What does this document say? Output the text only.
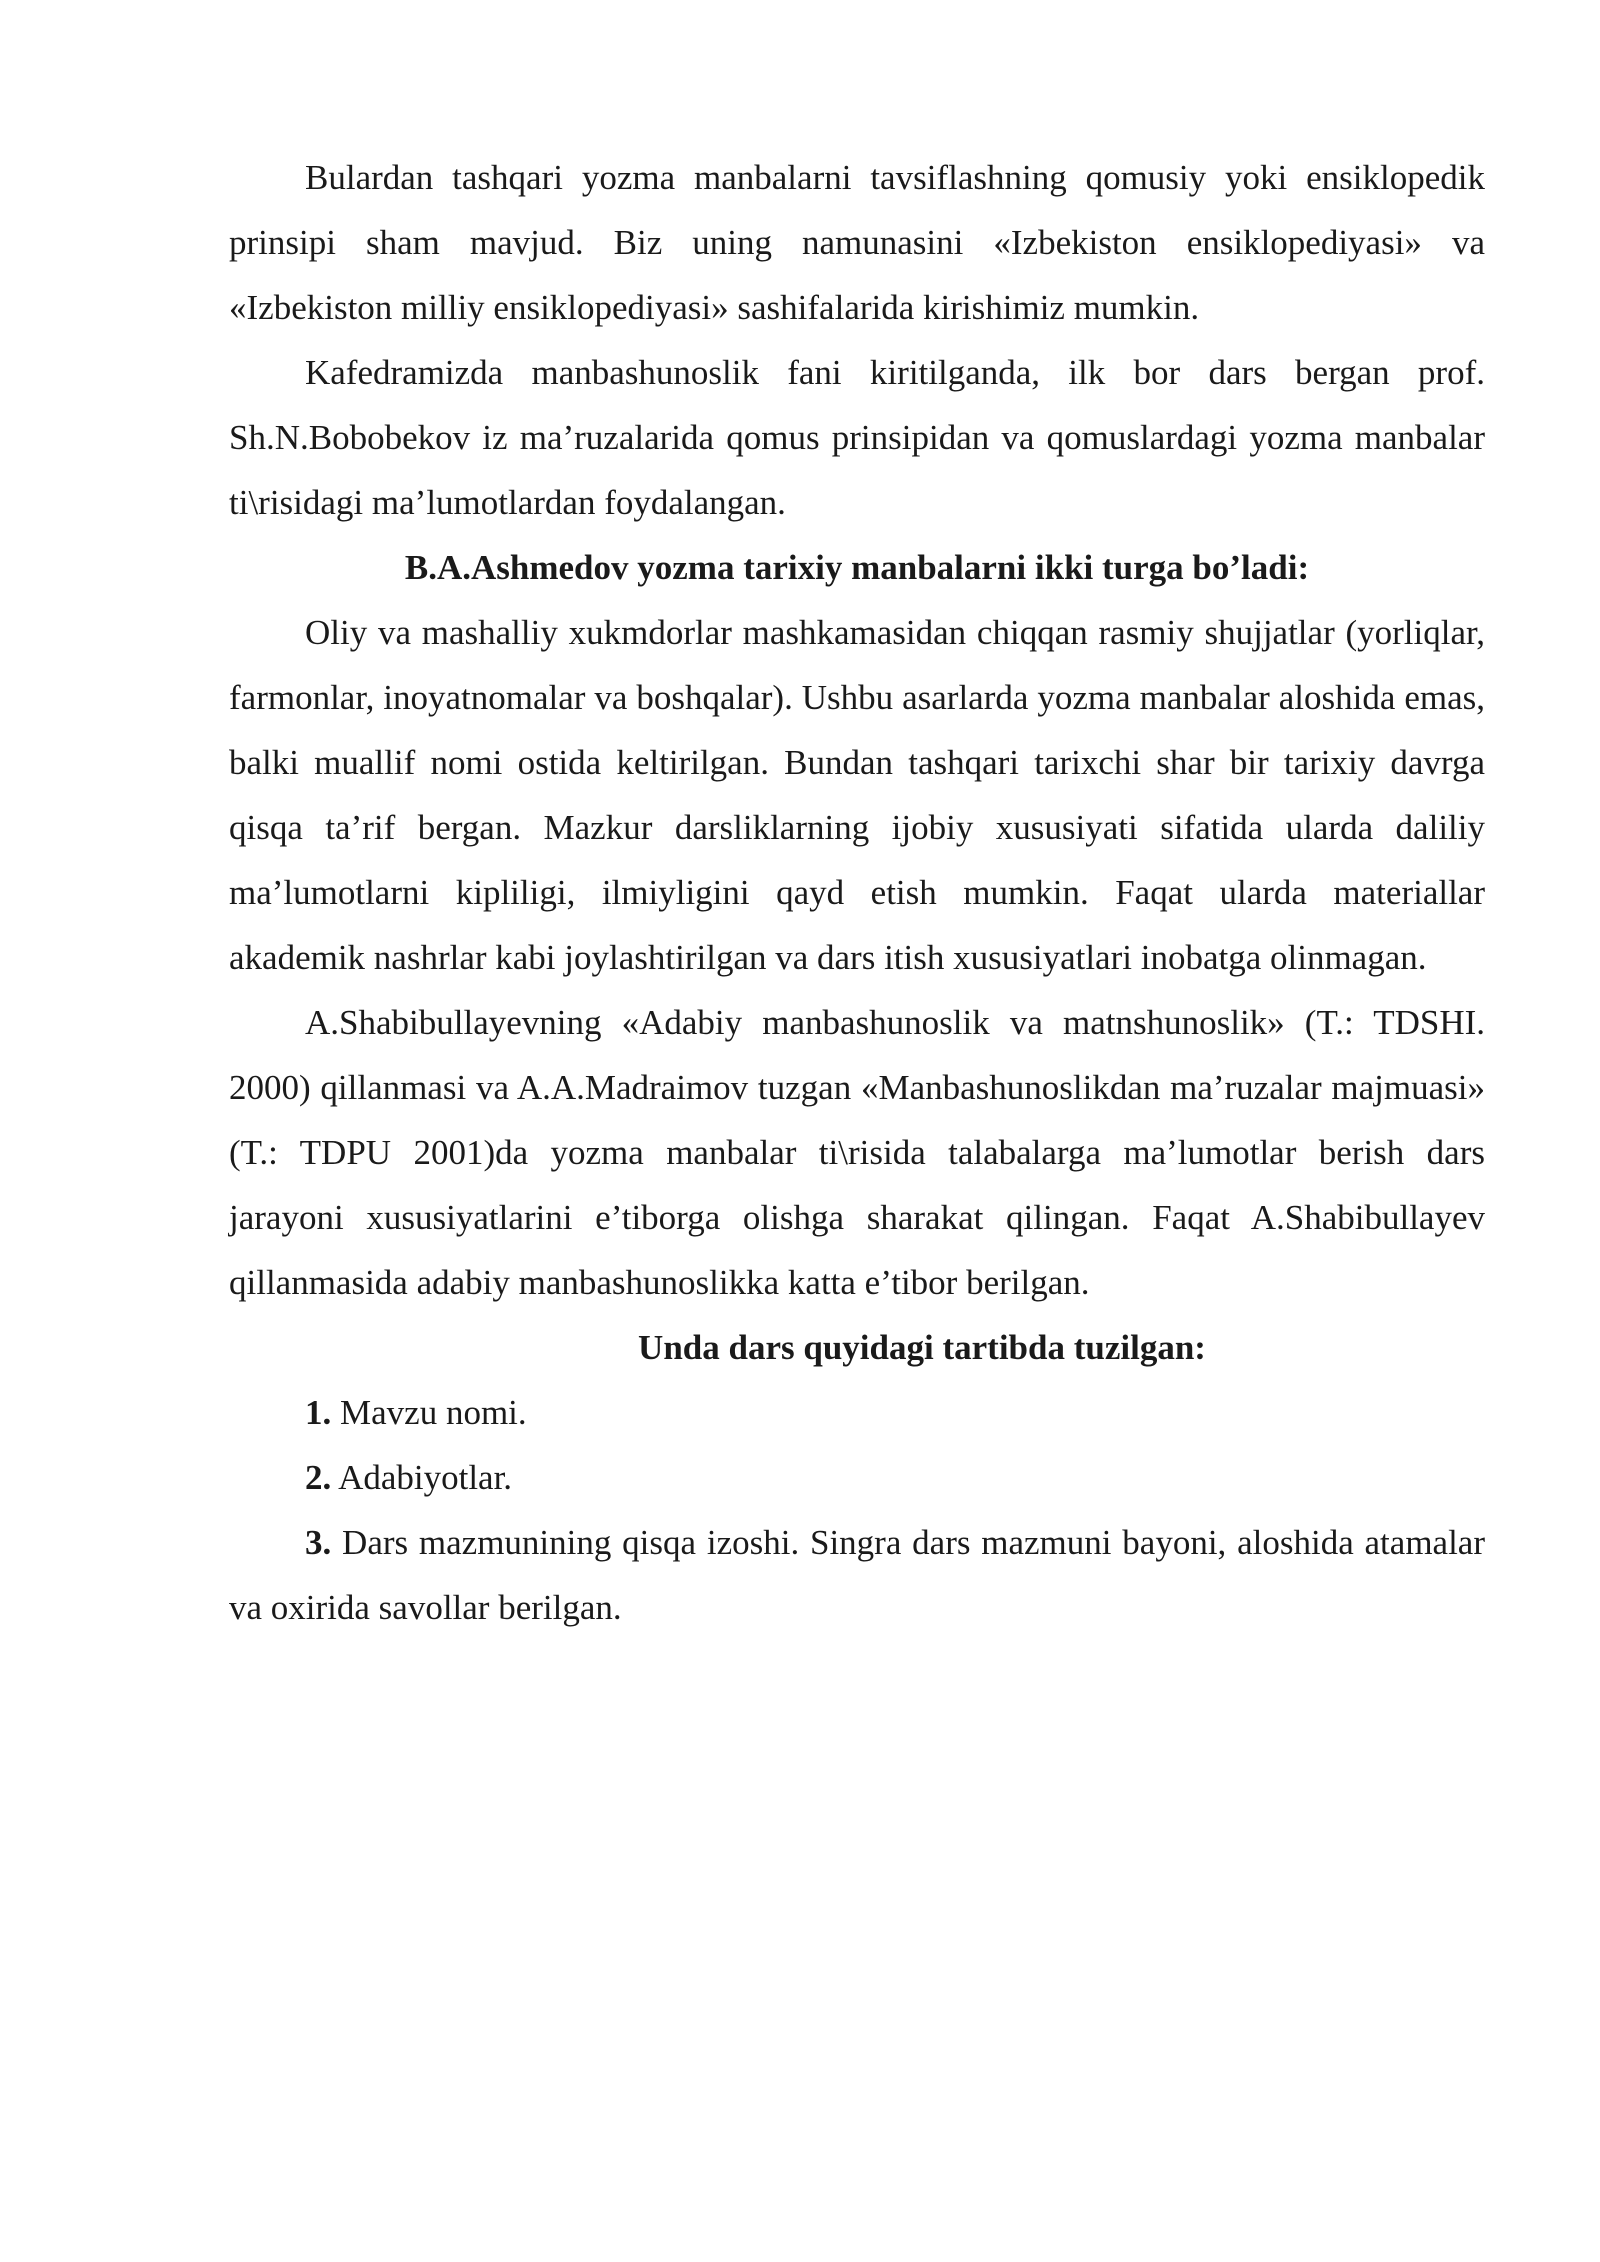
Bulardan tashqari yozma manbalarni tavsiflashning qomusiy yoki ensiklopedik prinsipi sham mavjud. Biz uning namunasini «Izbekiston ensiklopediyasi» va «Izbekiston milliy ensiklopediyasi» sashifalarida kirishimiz mumkin.

Kafedramizda manbashunoslik fani kiritilganda, ilk bor dars bergan prof. Sh.N.Bobobekov iz ma’ruzalarida qomus prinsipidan va qomuslardagi yozma manbalar ti\risidagi ma’lumotlardan foydalangan.

B.A.Ashmedov yozma tarixiy manbalarni ikki turga bo’ladi:

Oliy va mashalliy xukmdorlar mashkamasidan chiqqan rasmiy shujjatlar (yorliqlar, farmonlar, inoyatnomalar va boshqalar). Ushbu asarlarda yozma manbalar aloshida emas, balki muallif nomi ostida keltirilgan. Bundan tashqari tarixchi shar bir tarixiy davrga qisqa ta’rif bergan. Mazkur darsliklarning ijobiy xususiyati sifatida ularda daliliy ma’lumotlarni kipliligi, ilmiyligini qayd etish mumkin. Faqat ularda materiallar akademik nashrlar kabi joylashtirilgan va dars itish xususiyatlari inobatga olinmagan.

A.Shabibullayevning «Adabiy manbashunoslik va matnshunoslik» (T.: TDSHI. 2000) qillanmasi va A.A.Madraimov tuzgan «Manbashunoslikdan ma’ruzalar majmuasi» (T.: TDPU 2001)da yozma manbalar ti\risida talabalarga ma’lumotlar berish dars jarayoni xususiyatlarini e’tiborga olishga sharakat qilingan. Faqat A.Shabibullayev qillanmasida adabiy manbashunoslikka katta e’tibor berilgan.

Unda dars quyidagi tartibda tuzilgan:

1. Mavzu nomi.

2. Adabiyotlar.

3. Dars mazmunining qisqa izoshi. Singra dars mazmuni bayoni, aloshida atamalar va oxirida savollar berilgan.
